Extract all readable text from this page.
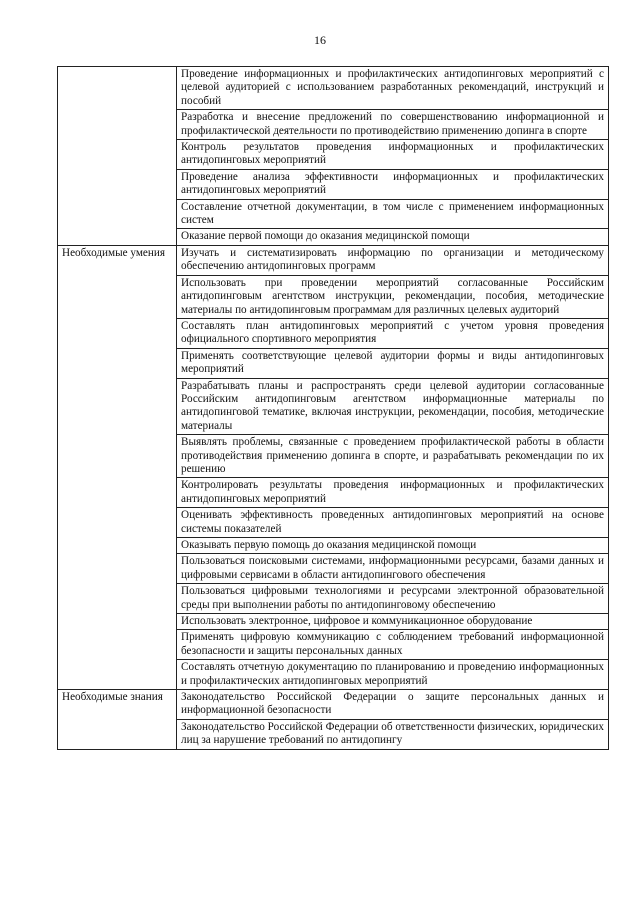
16
	Проведение информационных и профилактических антидопинговых мероприятий с целевой аудиторией с использованием разработанных рекомендаций, инструкций и пособий
	Разработка и внесение предложений по совершенствованию информационной и профилактической деятельности по противодействию применению допинга в спорте
	Контроль результатов проведения информационных и профилактических антидопинговых мероприятий
	Проведение анализа эффективности информационных и профилактических антидопинговых мероприятий
	Составление отчетной документации, в том числе с применением информационных систем
	Оказание первой помощи до оказания медицинской помощи
Необходимые умения	Изучать и систематизировать информацию по организации и методическому обеспечению антидопинговых программ
	Использовать при проведении мероприятий согласованные Российским антидопинговым агентством инструкции, рекомендации, пособия, методические материалы по антидопинговым программам для различных целевых аудиторий
	Составлять план антидопинговых мероприятий с учетом уровня проведения официального спортивного мероприятия
	Применять соответствующие целевой аудитории формы и виды антидопинговых мероприятий
	Разрабатывать планы и распространять среди целевой аудитории согласованные Российским антидопинговым агентством информационные материалы по антидопинговой тематике, включая инструкции, рекомендации, пособия, методические материалы
	Выявлять проблемы, связанные с проведением профилактической работы в области противодействия применению допинга в спорте, и разрабатывать рекомендации по их решению
	Контролировать результаты проведения информационных и профилактических антидопинговых мероприятий
	Оценивать эффективность проведенных антидопинговых мероприятий на основе системы показателей
	Оказывать первую помощь до оказания медицинской помощи
	Пользоваться поисковыми системами, информационными ресурсами, базами данных и цифровыми сервисами в области антидопингового обеспечения
	Пользоваться цифровыми технологиями и ресурсами электронной образовательной среды при выполнении работы по антидопинговому обеспечению
	Использовать электронное, цифровое и коммуникационное оборудование
	Применять цифровую коммуникацию с соблюдением требований информационной безопасности и защиты персональных данных
	Составлять отчетную документацию по планированию и проведению информационных и профилактических антидопинговых мероприятий
Необходимые знания	Законодательство Российской Федерации о защите персональных данных и информационной безопасности
	Законодательство Российской Федерации об ответственности физических, юридических лиц за нарушение требований по антидопингу
